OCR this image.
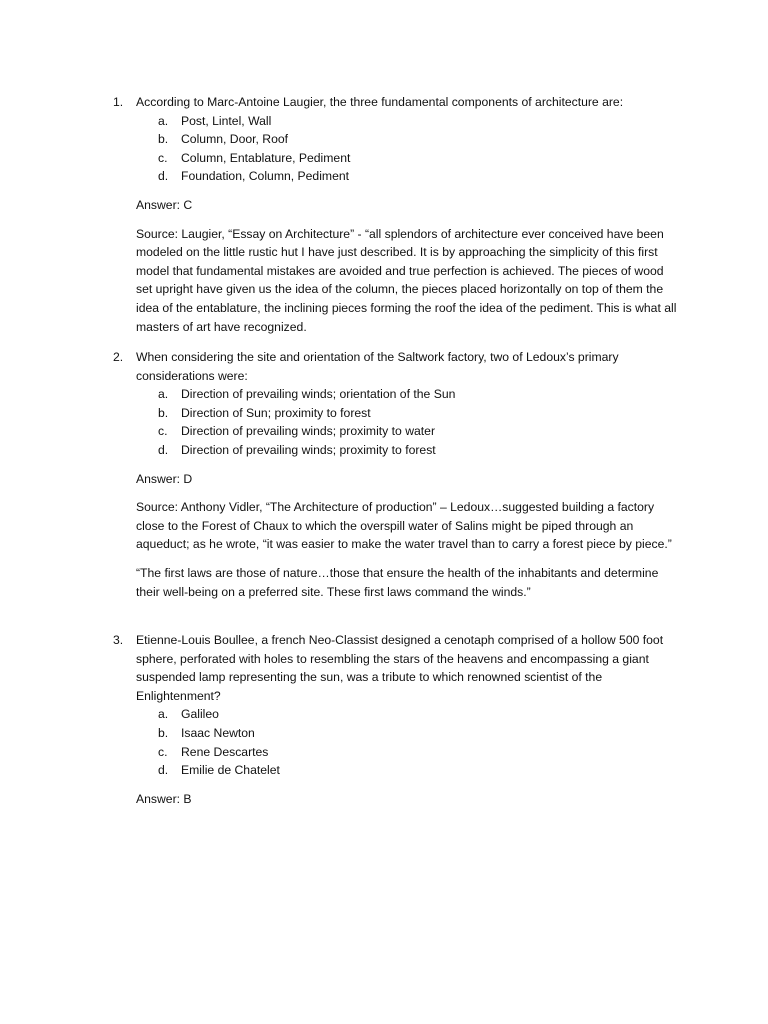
1.	According to Marc-Antoine Laugier, the three fundamental components of architecture are:
a.	Post, Lintel, Wall
b.	Column, Door, Roof
c.	Column, Entablature, Pediment
d.	Foundation, Column, Pediment
Answer: C

Source: Laugier, “Essay on Architecture” - “all splendors of architecture ever conceived have been modeled on the little rustic hut I have just described. It is by approaching the simplicity of this first model that fundamental mistakes are avoided and true perfection is achieved. The pieces of wood set upright have given us the idea of the column, the pieces placed horizontally on top of them the idea of the entablature, the inclining pieces forming the roof the idea of the pediment. This is what all masters of art have recognized.

2.	When considering the site and orientation of the Saltwork factory, two of Ledoux’s primary considerations were:
a.	Direction of prevailing winds; orientation of the Sun
b.	Direction of Sun; proximity to forest
c.	Direction of prevailing winds; proximity to water
d.	Direction of prevailing winds; proximity to forest
Answer: D

Source: Anthony Vidler, “The Architecture of production” – Ledoux…suggested building a factory close to the Forest of Chaux to which the overspill water of Salins might be piped through an aqueduct; as he wrote, “it was easier to make the water travel than to carry a forest piece by piece.”

“The first laws are those of nature…those that ensure the health of the inhabitants and determine their well-being on a preferred site. These first laws command the winds.”

3.	Etienne-Louis Boullee, a french Neo-Classist designed a cenotaph comprised of a hollow 500 foot sphere, perforated with holes to resembling the stars of the heavens and encompassing a giant suspended lamp representing the sun, was a tribute to which renowned scientist of the Enlightenment?
a.	Galileo
b.	Isaac Newton
c.	Rene Descartes
d.	Emilie de Chatelet
Answer: B
